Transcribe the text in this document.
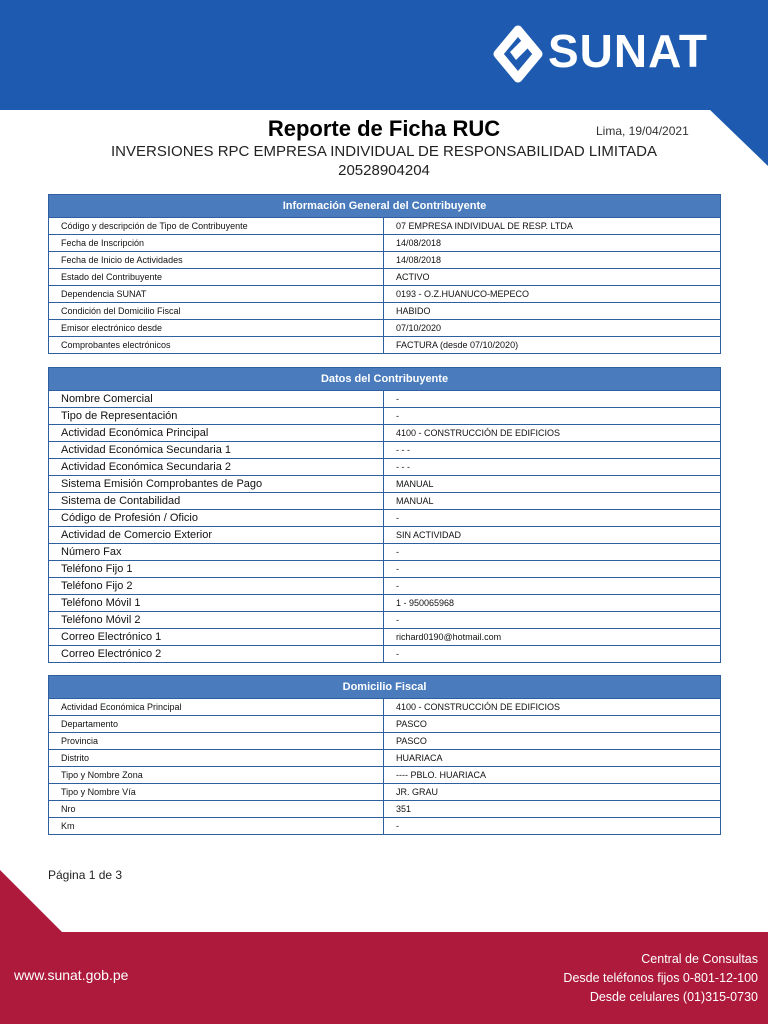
SUNAT
Reporte de Ficha RUC	Lima, 19/04/2021
INVERSIONES RPC EMPRESA INDIVIDUAL DE RESPONSABILIDAD LIMITADA
20528904204
Información General del Contribuyente	
Código y descripción de Tipo de Contribuyente	07 EMPRESA INDIVIDUAL DE RESP. LTDA
Fecha de Inscripción	14/08/2018
Fecha de Inicio de Actividades	14/08/2018
Estado del Contribuyente	ACTIVO
Dependencia SUNAT	0193 - O.Z.HUANUCO-MEPECO
Condición del Domicilio Fiscal	HABIDO
Emisor electrónico desde	07/10/2020
Comprobantes electrónicos	FACTURA (desde 07/10/2020)
Datos del Contribuyente	
Nombre Comercial	-
Tipo de Representación	-
Actividad Económica Principal	4100 - CONSTRUCCIÓN DE EDIFICIOS
Actividad Económica Secundaria 1	- - -
Actividad Económica Secundaria 2	- - -
Sistema Emisión Comprobantes de Pago	MANUAL
Sistema de Contabilidad	MANUAL
Código de Profesión / Oficio	-
Actividad de Comercio Exterior	SIN ACTIVIDAD
Número Fax	-
Teléfono Fijo 1	-
Teléfono Fijo 2	-
Teléfono Móvil 1	1 - 950065968
Teléfono Móvil 2	-
Correo Electrónico 1	richard0190@hotmail.com
Correo Electrónico 2	-
Domicilio Fiscal	
Actividad Económica Principal	4100 - CONSTRUCCIÓN DE EDIFICIOS
Departamento	PASCO
Provincia	PASCO
Distrito	HUARIACA
Tipo y Nombre Zona	---- PBLO. HUARIACA
Tipo y Nombre Vía	JR. GRAU
Nro	351
Km	-
Página 1 de 3
www.sunat.gob.pe
Central de Consultas
Desde teléfonos fijos 0-801-12-100
Desde celulares (01)315-0730
